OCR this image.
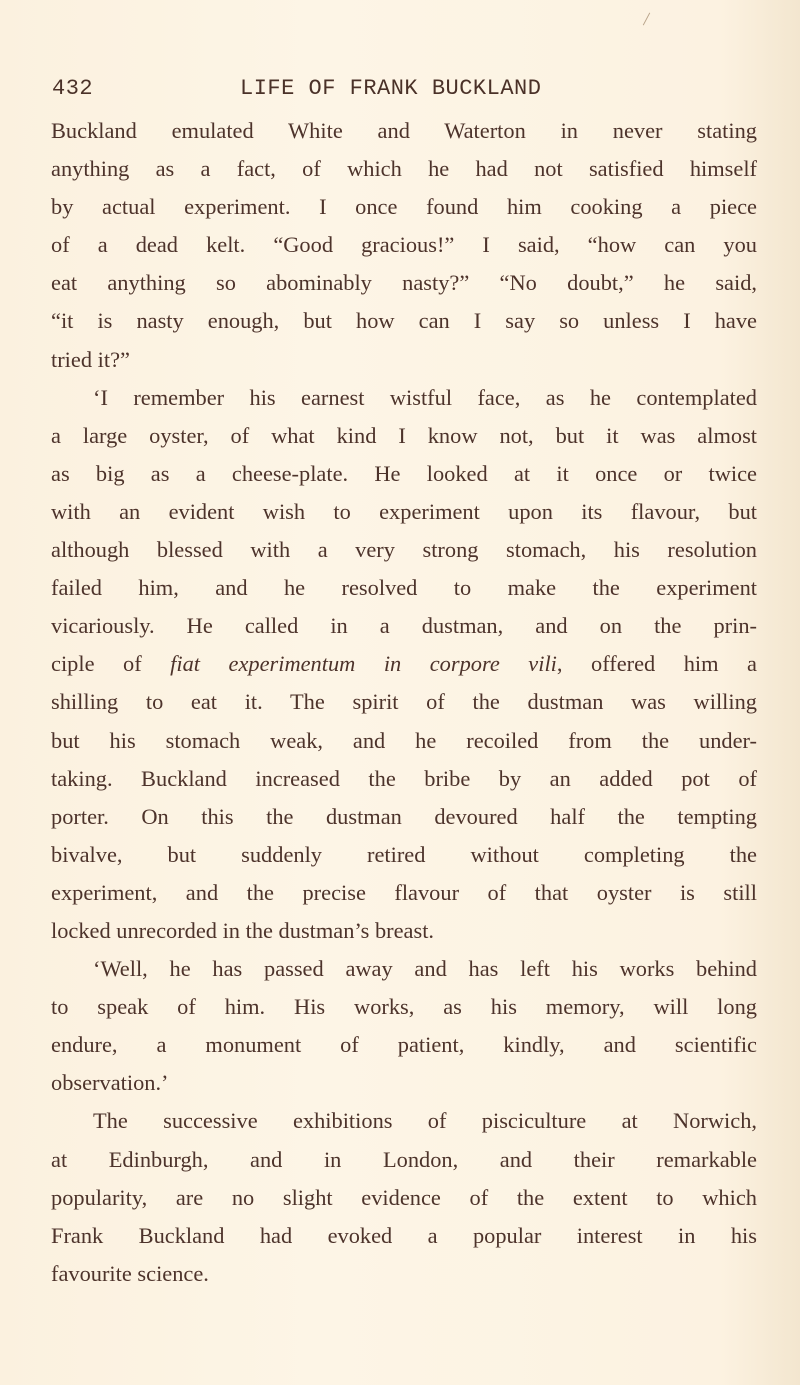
432	LIFE OF FRANK BUCKLAND
Buckland emulated White and Waterton in never stating
anything as a fact, of which he had not satisfied himself
by actual experiment. I once found him cooking a piece
of a dead kelt. “Good gracious!” I said, “how can you
eat anything so abominably nasty?” “No doubt,” he said,
“it is nasty enough, but how can I say so unless I have
tried it?”
‘I remember his earnest wistful face, as he contemplated
a large oyster, of what kind I know not, but it was almost
as big as a cheese-plate. He looked at it once or twice
with an evident wish to experiment upon its flavour, but
although blessed with a very strong stomach, his resolution
failed him, and he resolved to make the experiment
vicariously. He called in a dustman, and on the prin-
ciple of fiat experimentum in corpore vili, offered him a
shilling to eat it. The spirit of the dustman was willing
but his stomach weak, and he recoiled from the under-
taking. Buckland increased the bribe by an added pot of
porter. On this the dustman devoured half the tempting
bivalve, but suddenly retired without completing the
experiment, and the precise flavour of that oyster is still
locked unrecorded in the dustman’s breast.
‘Well, he has passed away and has left his works behind
to speak of him. His works, as his memory, will long
endure, a monument of patient, kindly, and scientific
observation.’
The successive exhibitions of pisciculture at Norwich,
at Edinburgh, and in London, and their remarkable
popularity, are no slight evidence of the extent to which
Frank Buckland had evoked a popular interest in his
favourite science.
